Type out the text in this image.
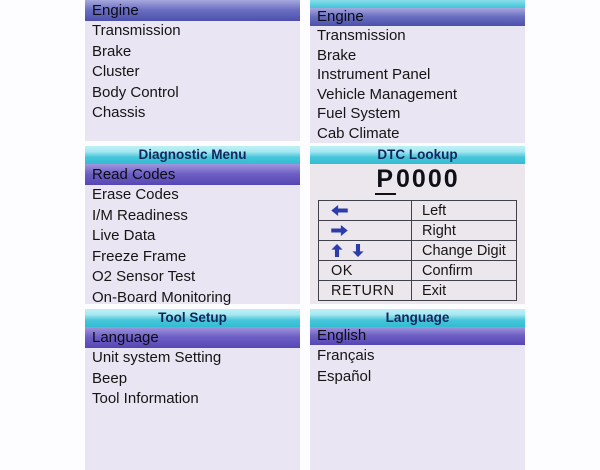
Engine
Transmission
Brake
Cluster
Body Control
Chassis
Engine
Transmission
Brake
Instrument Panel
Vehicle Management
Fuel System
Cab Climate
Diagnostic Menu
Read Codes
Erase Codes
I/M Readiness
Live Data
Freeze Frame
O2 Sensor Test
On-Board Monitoring
DTC Lookup
P0000
	Left
	Right
	Change Digit
OK	Confirm
RETURN	Exit
Tool Setup
Language
Unit system Setting
Beep
Tool Information
Language
English
Français
Español
